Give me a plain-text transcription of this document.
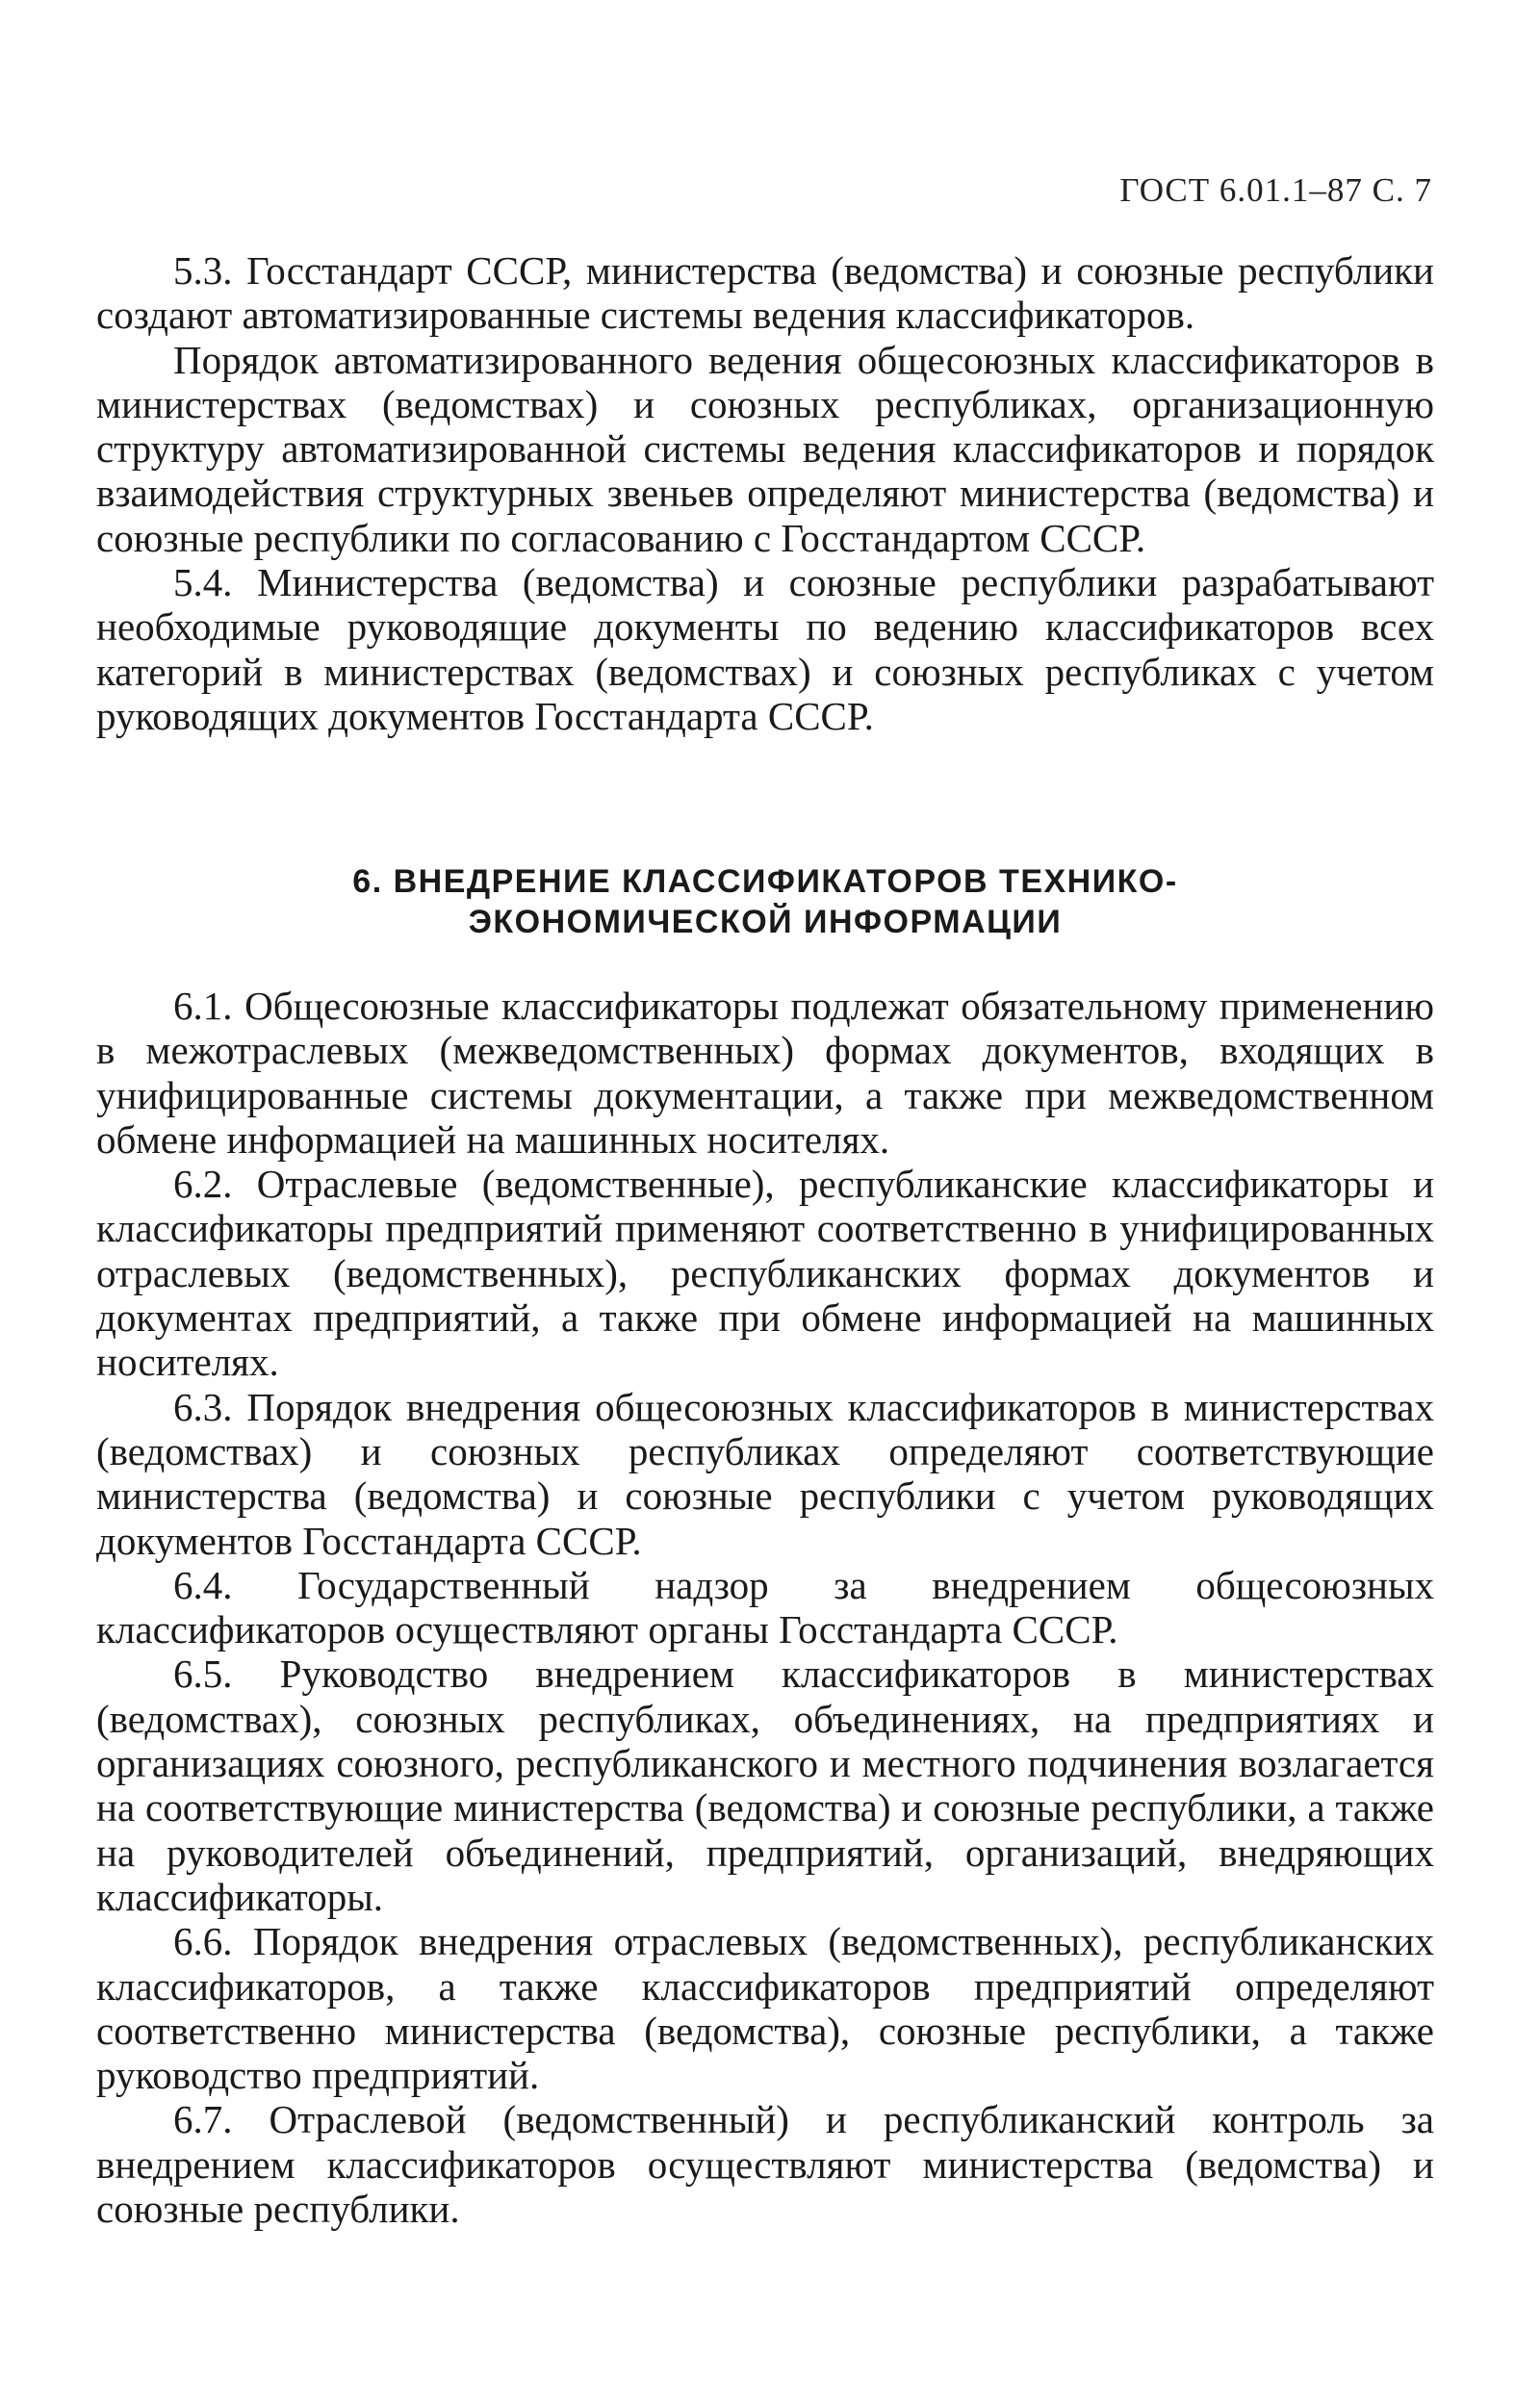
ГОСТ 6.01.1–87 С. 7

5.3. Госстандарт СССР, министерства (ведомства) и союзные республики создают автоматизированные системы ведения классификаторов.

Порядок автоматизированного ведения общесоюзных классификаторов в министерствах (ведомствах) и союзных республиках, организационную структуру автоматизированной системы ведения классификаторов и порядок взаимодействия структурных звеньев определяют министерства (ведомства) и союзные республики по согласованию с Госстандартом СССР.

5.4. Министерства (ведомства) и союзные республики разрабатывают необходимые руководящие документы по ведению классификаторов всех категорий в министерствах (ведомствах) и союзных республиках с учетом руководящих документов Госстандарта СССР.

6. ВНЕДРЕНИЕ КЛАССИФИКАТОРОВ ТЕХНИКО-
ЭКОНОМИЧЕСКОЙ ИНФОРМАЦИИ

6.1. Общесоюзные классификаторы подлежат обязательному применению в межотраслевых (межведомственных) формах документов, входящих в унифицированные системы документации, а также при межведомственном обмене информацией на машинных носителях.

6.2. Отраслевые (ведомственные), республиканские классификаторы и классификаторы предприятий применяют соответственно в унифицированных отраслевых (ведомственных), республиканских формах документов и документах предприятий, а также при обмене информацией на машинных носителях.

6.3. Порядок внедрения общесоюзных классификаторов в министерствах (ведомствах) и союзных республиках определяют соответствующие министерства (ведомства) и союзные республики с учетом руководящих документов Госстандарта СССР.

6.4. Государственный надзор за внедрением общесоюзных классификаторов осуществляют органы Госстандарта СССР.

6.5. Руководство внедрением классификаторов в министерствах (ведомствах), союзных республиках, объединениях, на предприятиях и организациях союзного, республиканского и местного подчинения возлагается на соответствующие министерства (ведомства) и союзные республики, а также на руководителей объединений, предприятий, организаций, внедряющих классификаторы.

6.6. Порядок внедрения отраслевых (ведомственных), республиканских классификаторов, а также классификаторов предприятий определяют соответственно министерства (ведомства), союзные республики, а также руководство предприятий.

6.7. Отраслевой (ведомственный) и республиканский контроль за внедрением классификаторов осуществляют министерства (ведомства) и союзные республики.
